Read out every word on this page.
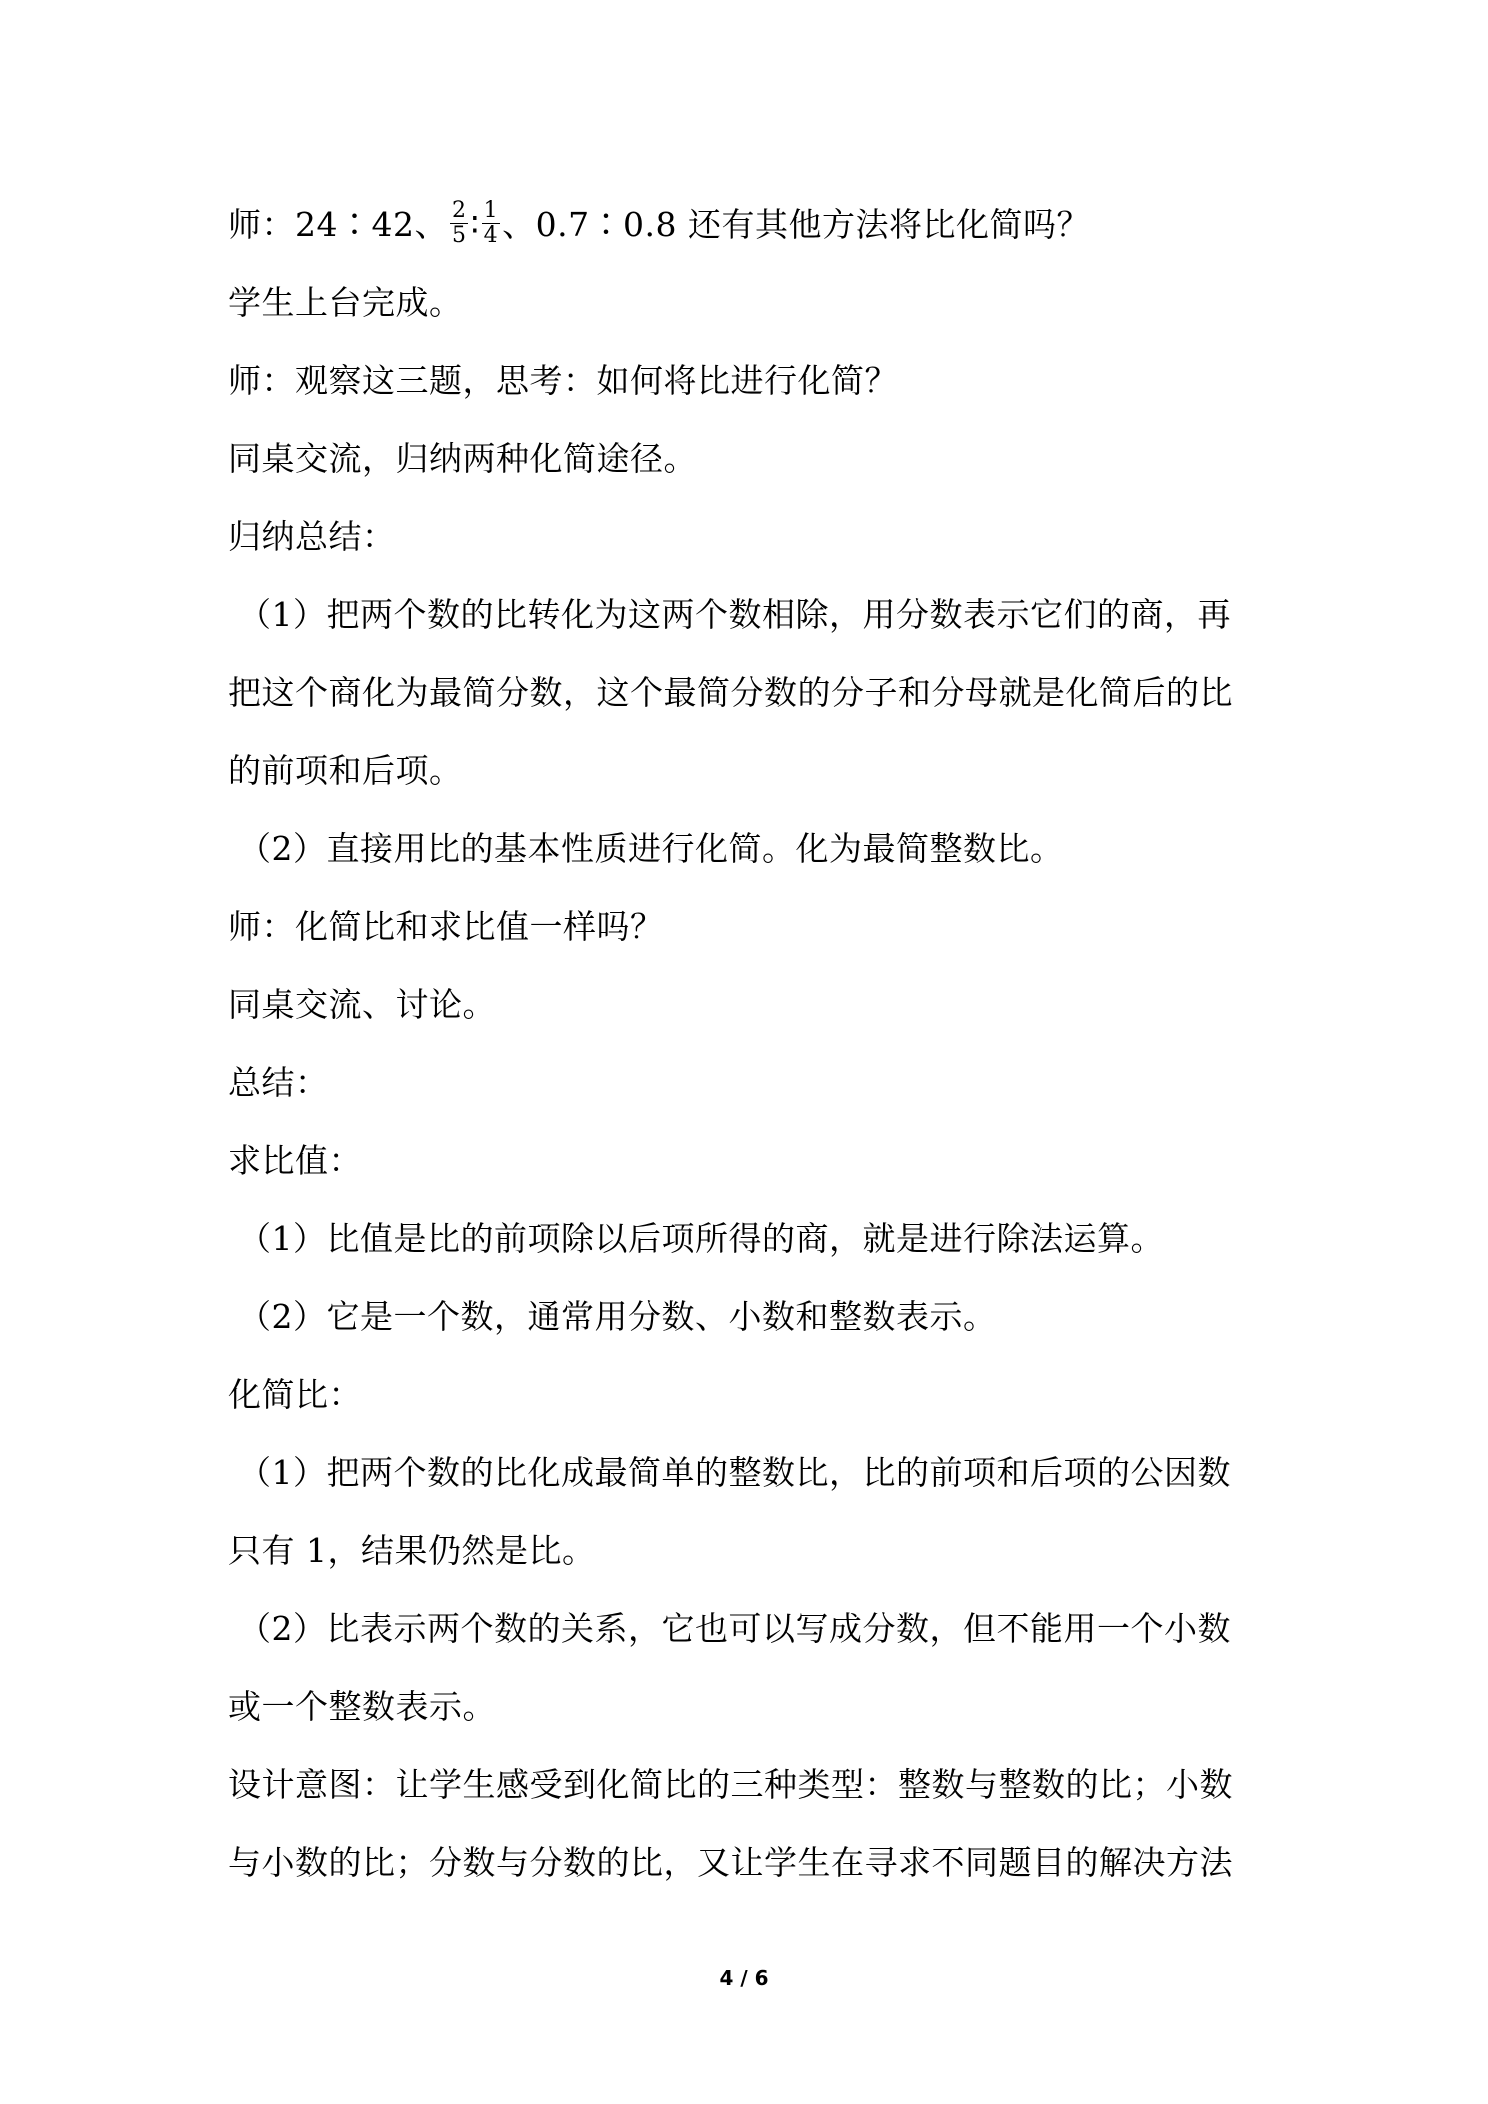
师：24∶42、 $\frac{2}{5}$ ∶ $\frac{1}{4}$ 、0.7∶0.8 还有其他方法将比化简吗？
学生上台完成。
师：观察这三题，思考：如何将比进行化简？
同桌交流，归纳两种化简途径。
归纳总结：
（1）把两个数的比转化为这两个数相除，用分数表示它们的商，再
把这个商化为最简分数，这个最简分数的分子和分母就是化简后的比
的前项和后项。
（2）直接用比的基本性质进行化简。化为最简整数比。
师：化简比和求比值一样吗？
同桌交流、讨论。
总结：
求比值：
（1）比值是比的前项除以后项所得的商，就是进行除法运算。
（2）它是一个数，通常用分数、小数和整数表示。
化简比：
（1）把两个数的比化成最简单的整数比，比的前项和后项的公因数
只有 1，结果仍然是比。
（2）比表示两个数的关系，它也可以写成分数，但不能用一个小数
或一个整数表示。
设计意图：让学生感受到化简比的三种类型：整数与整数的比；小数
与小数的比；分数与分数的比，又让学生在寻求不同题目的解决方法
4 / 6
